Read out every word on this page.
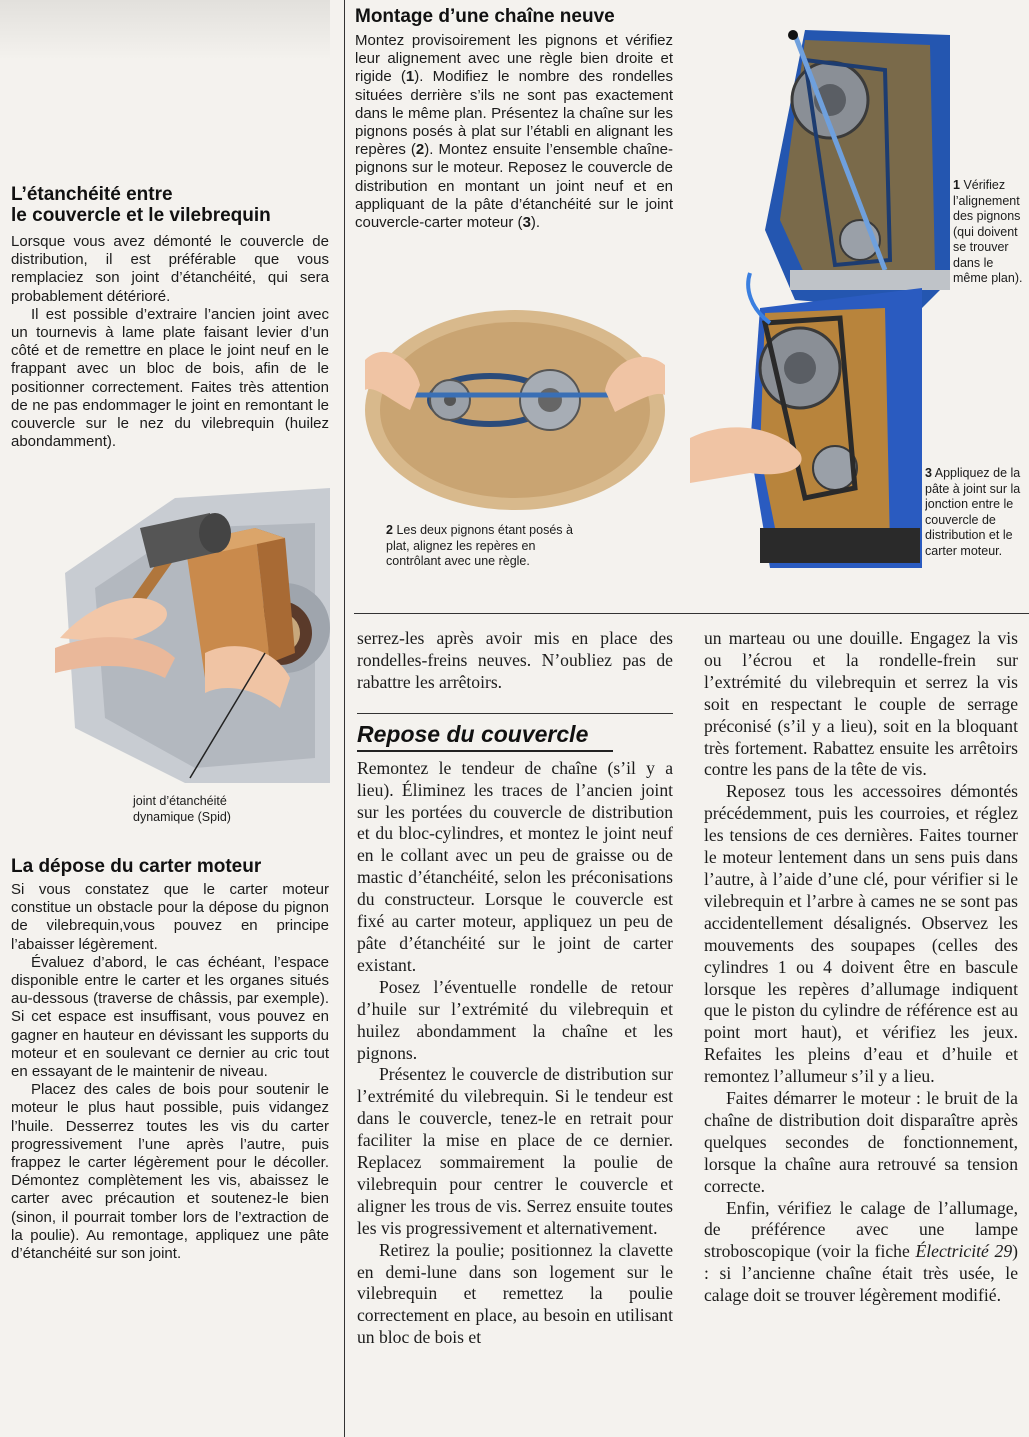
L’étanchéité entre
le couvercle et le vilebrequin

Lorsque vous avez démonté le couvercle de distribution, il est préférable que vous remplaciez son joint d’étanchéité, qui sera probablement détérioré.

Il est possible d’extraire l’ancien joint avec un tournevis à lame plate faisant levier d’un côté et de remettre en place le joint neuf en le frappant avec un bloc de bois, afin de le positionner correctement. Faites très attention de ne pas endommager le joint en remontant le couvercle sur le nez du vilebrequin (huilez abondamment).

joint d’étanchéité
dynamique (Spid)
La dépose du carter moteur

Si vous constatez que le carter moteur constitue un obstacle pour la dépose du pignon de vilebrequin,vous pouvez en principe l’abaisser légèrement.

Évaluez d’abord, le cas échéant, l’espace disponible entre le carter et les organes situés au-dessous (traverse de châssis, par exemple). Si cet espace est insuffisant, vous pouvez en gagner en hauteur en dévissant les supports du moteur et en soulevant ce dernier au cric tout en essayant de le maintenir de niveau.

Placez des cales de bois pour soutenir le moteur le plus haut possible, puis vidangez l’huile. Desserrez toutes les vis du carter progressivement l’une après l’autre, puis frappez le carter légèrement pour le décoller. Démontez complètement les vis, abaissez le carter avec précaution et soutenez-le bien (sinon, il pourrait tomber lors de l’extraction de la poulie). Au remontage, appliquez une pâte d’étanchéité sur son joint.

Montage d’une chaîne neuve

Montez provisoirement les pignons et vérifiez leur alignement avec une règle bien droite et rigide (1). Modifiez le nombre des rondelles situées derrière s’ils ne sont pas exactement dans le même plan. Présentez la chaîne sur les pignons posés à plat sur l’établi en alignant les repères (2). Montez ensuite l’ensemble chaîne-pignons sur le moteur. Reposez le couvercle de distribution en montant un joint neuf et en appliquant de la pâte d’étanchéité sur le joint couvercle-carter moteur (3).

2 Les deux pignons étant posés à plat, alignez les repères en contrôlant avec une règle.
1 Vérifiez l’alignement des pignons (qui doivent se trouver dans le même plan).
3 Appliquez de la pâte à joint sur la jonction entre le couvercle de distribution et le carter moteur.

serrez-les après avoir mis en place des rondelles-freins neuves. N’oubliez pas de rabattre les arrêtoirs.

Repose du couvercle

Remontez le tendeur de chaîne (s’il y a lieu). Éliminez les traces de l’ancien joint sur les portées du couvercle de distribution et du bloc-cylindres, et montez le joint neuf en le collant avec un peu de graisse ou de mastic d’étanchéité, selon les préconisations du constructeur. Lorsque le couvercle est fixé au carter moteur, appliquez un peu de pâte d’étanchéité sur le joint de carter existant.

Posez l’éventuelle rondelle de retour d’huile sur l’extrémité du vilebrequin et huilez abondamment la chaîne et les pignons.

Présentez le couvercle de distribution sur l’extrémité du vilebrequin. Si le tendeur est dans le couvercle, tenez-le en retrait pour faciliter la mise en place de ce dernier. Replacez sommairement la poulie de vilebrequin pour centrer le couvercle et aligner les trous de vis. Serrez ensuite toutes les vis progressivement et alternativement.

Retirez la poulie; positionnez la clavette en demi-lune dans son logement sur le vilebrequin et remettez la poulie correctement en place, au besoin en utilisant un bloc de bois et

un marteau ou une douille. Engagez la vis ou l’écrou et la rondelle-frein sur l’extrémité du vilebrequin et serrez la vis soit en respectant le couple de serrage préconisé (s’il y a lieu), soit en la bloquant très fortement. Rabattez ensuite les arrêtoirs contre les pans de la tête de vis.

Reposez tous les accessoires démontés précédemment, puis les courroies, et réglez les tensions de ces dernières. Faites tourner le moteur lentement dans un sens puis dans l’autre, à l’aide d’une clé, pour vérifier si le vilebrequin et l’arbre à cames ne se sont pas accidentellement désalignés. Observez les mouvements des soupapes (celles des cylindres 1 ou 4 doivent être en bascule lorsque les repères d’allumage indiquent que le piston du cylindre de référence est au point mort haut), et vérifiez les jeux. Refaites les pleins d’eau et d’huile et remontez l’allumeur s’il y a lieu.

Faites démarrer le moteur : le bruit de la chaîne de distribution doit disparaître après quelques secondes de fonctionnement, lorsque la chaîne aura retrouvé sa tension correcte.

Enfin, vérifiez le calage de l’allumage, de préférence avec une lampe stroboscopique (voir la fiche Électricité 29) : si l’ancienne chaîne était très usée, le calage doit se trouver légèrement modifié.
